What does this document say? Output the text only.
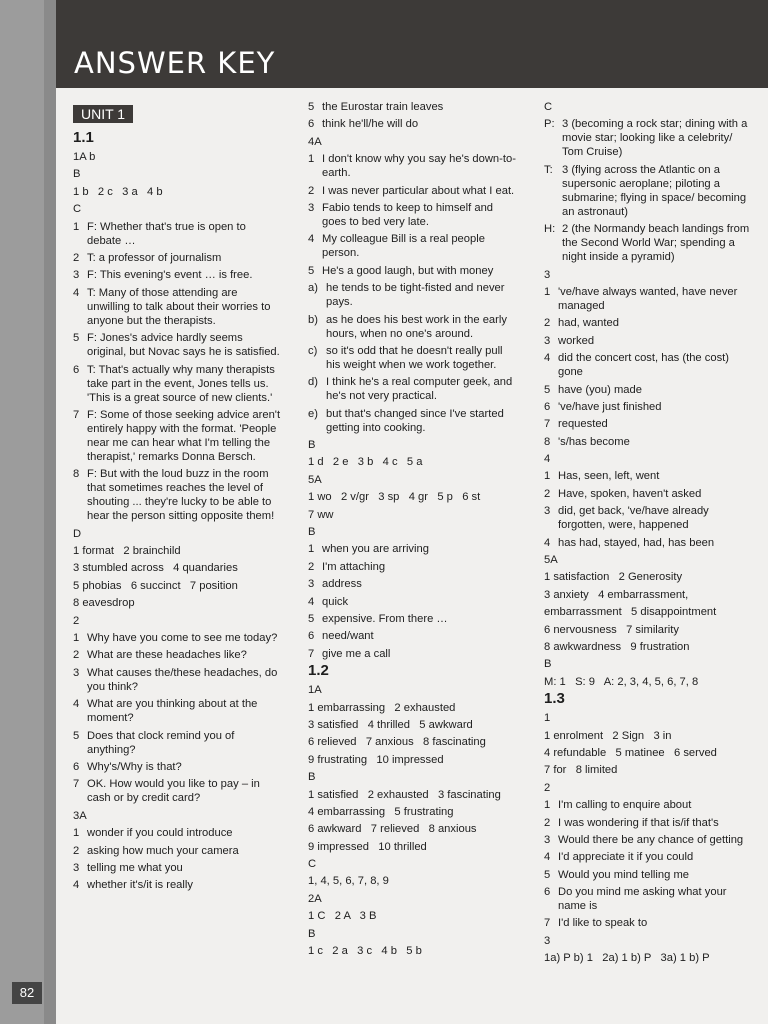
ANSWER KEY
UNIT 1
1.1
1A b
B
1 b   2 c   3 a   4 b
C
1 F: Whether that's true is open to debate …
2 T: a professor of journalism
3 F: This evening's event … is free.
4 T: Many of those attending are unwilling to talk about their worries to anyone but the therapists.
5 F: Jones's advice hardly seems original, but Novac says he is satisfied.
6 T: That's actually why many therapists take part in the event, Jones tells us. 'This is a great source of new clients.'
7 F: Some of those seeking advice aren't entirely happy with the format. 'People near me can hear what I'm telling the therapist,' remarks Donna Bersch.
8 F: But with the loud buzz in the room that sometimes reaches the level of shouting ... they're lucky to be able to hear the person sitting opposite them!
D
1 format   2 brainchild
3 stumbled across   4 quandaries
5 phobias   6 succinct   7 position
8 eavesdrop
2
1 Why have you come to see me today?
2 What are these headaches like?
3 What causes the/these headaches, do you think?
4 What are you thinking about at the moment?
5 Does that clock remind you of anything?
6 Why's/Why is that?
7 OK. How would you like to pay – in cash or by credit card?
3A
1 wonder if you could introduce
2 asking how much your camera
3 telling me what you
4 whether it's/it is really
5 the Eurostar train leaves
6 think he'll/he will do
4A
1 I don't know why you say he's down-to-earth.
2 I was never particular about what I eat.
3 Fabio tends to keep to himself and goes to bed very late.
4 My colleague Bill is a real people person.
5 He's a good laugh, but with money
a) he tends to be tight-fisted and never pays.
b) as he does his best work in the early hours, when no one's around.
c) so it's odd that he doesn't really pull his weight when we work together.
d) I think he's a real computer geek, and he's not very practical.
e) but that's changed since I've started getting into cooking.
B
1 d   2 e   3 b   4 c   5 a
5A
1 wo   2 v/gr   3 sp   4 gr   5 p   6 st
7 ww
B
1 when you are arriving
2 I'm attaching
3 address
4 quick
5 expensive. From there …
6 need/want
7 give me a call
1.2
1A
1 embarrassing   2 exhausted
3 satisfied   4 thrilled   5 awkward
6 relieved   7 anxious   8 fascinating
9 frustrating   10 impressed
B
1 satisfied   2 exhausted   3 fascinating
4 embarrassing   5 frustrating
6 awkward   7 relieved   8 anxious
9 impressed   10 thrilled
C
1, 4, 5, 6, 7, 8, 9
2A
1 C   2 A   3 B
B
1 c   2 a   3 c   4 b   5 b
C
P: 3 (becoming a rock star; dining with a movie star; looking like a celebrity/ Tom Cruise)
T: 3 (flying across the Atlantic on a supersonic aeroplane; piloting a submarine; flying in space/ becoming an astronaut)
H: 2 (the Normandy beach landings from the Second World War; spending a night inside a pyramid)
3
1 've/have always wanted, have never managed
2 had, wanted
3 worked
4 did the concert cost, has (the cost) gone
5 have (you) made
6 've/have just finished
7 requested
8 's/has become
4
1 Has, seen, left, went
2 Have, spoken, haven't asked
3 did, get back, 've/have already forgotten, were, happened
4 has had, stayed, had, has been
5A
1 satisfaction   2 Generosity
3 anxiety   4 embarrassment,
embarrassment   5 disappointment
6 nervousness   7 similarity
8 awkwardness   9 frustration
B
M: 1   S: 9   A: 2, 3, 4, 5, 6, 7, 8
1.3
1
1 enrolment   2 Sign   3 in
4 refundable   5 matinee   6 served
7 for   8 limited
2
1 I'm calling to enquire about
2 I was wondering if that is/if that's
3 Would there be any chance of getting
4 I'd appreciate it if you could
5 Would you mind telling me
6 Do you mind me asking what your name is
7 I'd like to speak to
3
1a) P b) 1   2a) 1 b) P   3a) 1 b) P
82
